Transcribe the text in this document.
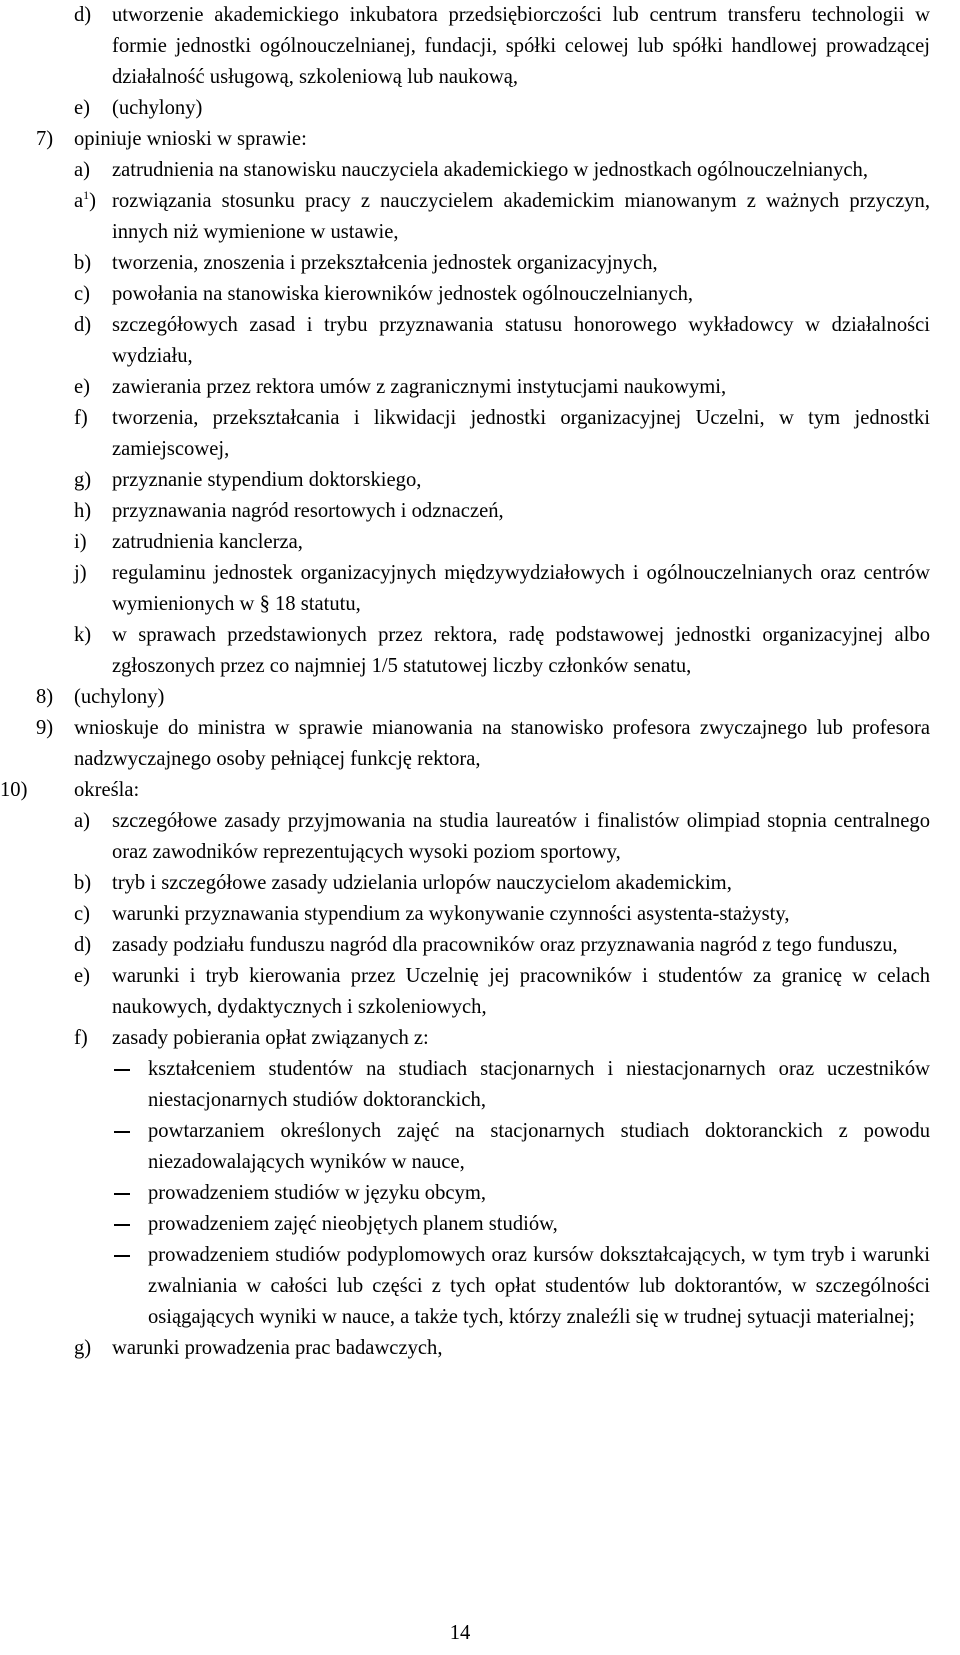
d) utworzenie akademickiego inkubatora przedsiębiorczości lub centrum transferu technologii w formie jednostki ogólnouczelnianej, fundacji, spółki celowej lub spółki handlowej prowadzącej działalność usługową, szkoleniową lub naukową,
e) (uchylony)
7) opiniuje wnioski w sprawie:
a) zatrudnienia na stanowisku nauczyciela akademickiego w jednostkach ogólnouczelnianych,
$a^1$) rozwiązania stosunku pracy z nauczycielem akademickim mianowanym z ważnych przyczyn, innych niż wymienione w ustawie,
b) tworzenia, znoszenia i przekształcenia jednostek organizacyjnych,
c) powołania na stanowiska kierowników jednostek ogólnouczelnianych,
d) szczegółowych zasad i trybu przyznawania statusu honorowego wykładowcy w działalności wydziału,
e) zawierania przez rektora umów z zagranicznymi instytucjami naukowymi,
f) tworzenia, przekształcania i likwidacji jednostki organizacyjnej Uczelni, w tym jednostki zamiejscowej,
g) przyznanie stypendium doktorskiego,
h) przyznawania nagród resortowych i odznaczeń,
i) zatrudnienia kanclerza,
j) regulaminu jednostek organizacyjnych międzywydziałowych i ogólnouczelnianych oraz centrów wymienionych w § 18 statutu,
k) w sprawach przedstawionych przez rektora, radę podstawowej jednostki organizacyjnej albo zgłoszonych przez co najmniej 1/5 statutowej liczby członków senatu,
8) (uchylony)
9) wnioskuje do ministra w sprawie mianowania na stanowisko profesora zwyczajnego lub profesora nadzwyczajnego osoby pełniącej funkcję rektora,
10) określa:
a) szczegółowe zasady przyjmowania na studia laureatów i finalistów olimpiad stopnia centralnego oraz zawodników reprezentujących wysoki poziom sportowy,
b) tryb i szczegółowe zasady udzielania urlopów nauczycielom akademickim,
c) warunki przyznawania stypendium za wykonywanie czynności asystenta-stażysty,
d) zasady podziału funduszu nagród dla pracowników oraz przyznawania nagród z tego funduszu,
e) warunki i tryb kierowania przez Uczelnię jej pracowników i studentów za granicę w celach naukowych, dydaktycznych i szkoleniowych,
f) zasady pobierania opłat związanych z:
kształceniem studentów na studiach stacjonarnych i niestacjonarnych oraz uczestników niestacjonarnych studiów doktoranckich,
powtarzaniem określonych zajęć na stacjonarnych studiach doktoranckich z powodu niezadowalających wyników w nauce,
prowadzeniem studiów w języku obcym,
prowadzeniem zajęć nieobjętych planem studiów,
prowadzeniem studiów podyplomowych oraz kursów dokształcających, w tym tryb i warunki zwalniania w całości lub części z tych opłat studentów lub doktorantów, w szczególności osiągających wyniki w nauce, a także tych, którzy znaleźli się w trudnej sytuacji materialnej;
g) warunki prowadzenia prac badawczych,
14
